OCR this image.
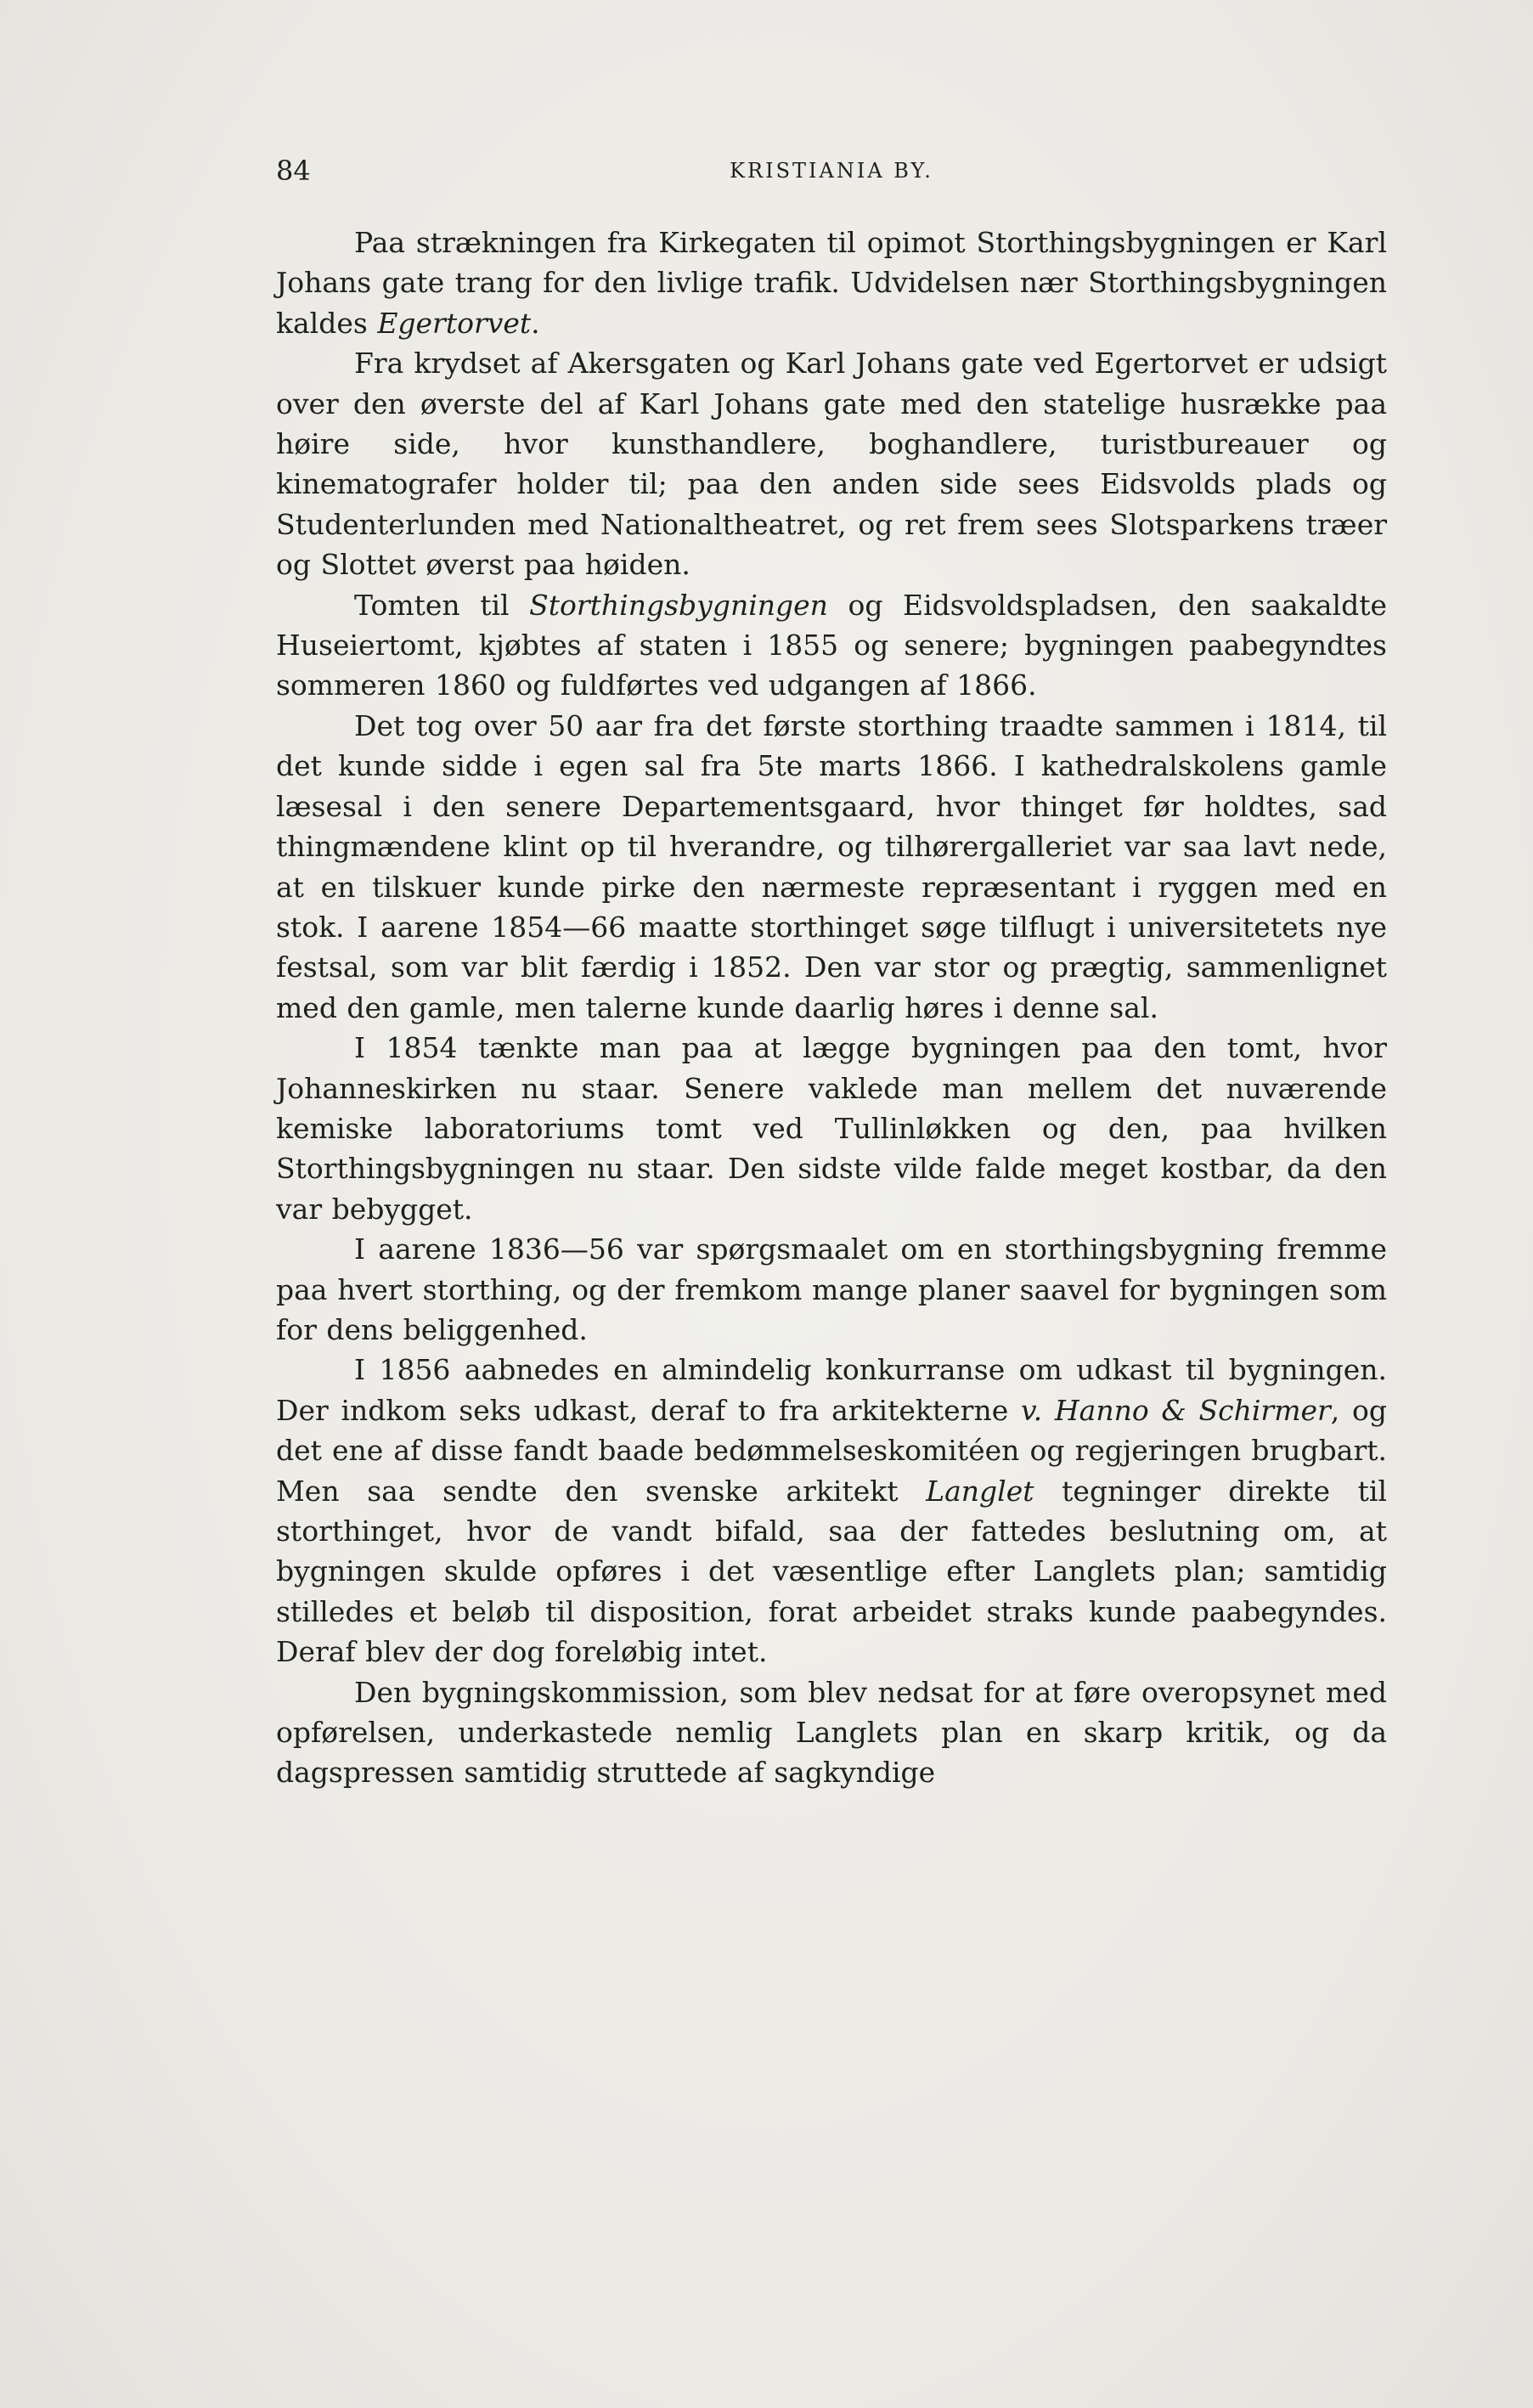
84	KRISTIANIA BY.

Paa strækningen fra Kirkegaten til opimot Storthingsbygningen er Karl Johans gate trang for den livlige trafik. Udvidelsen nær Storthingsbygningen kaldes Egertorvet.

Fra krydset af Akersgaten og Karl Johans gate ved Egertorvet er udsigt over den øverste del af Karl Johans gate med den statelige husrække paa høire side, hvor kunsthandlere, boghandlere, turistbureauer og kinematografer holder til; paa den anden side sees Eidsvolds plads og Studenterlunden med Nationaltheatret, og ret frem sees Slotsparkens træer og Slottet øverst paa høiden.

Tomten til Storthingsbygningen og Eidsvoldspladsen, den saakaldte Huseiertomt, kjøbtes af staten i 1855 og senere; bygningen paabegyndtes sommeren 1860 og fuldførtes ved udgangen af 1866.

Det tog over 50 aar fra det første storthing traadte sammen i 1814, til det kunde sidde i egen sal fra 5te marts 1866. I kathedralskolens gamle læsesal i den senere Departementsgaard, hvor thinget før holdtes, sad thingmændene klint op til hverandre, og tilhørergalleriet var saa lavt nede, at en tilskuer kunde pirke den nærmeste repræsentant i ryggen med en stok. I aarene 1854—66 maatte storthinget søge tilflugt i universitetets nye festsal, som var blit færdig i 1852. Den var stor og prægtig, sammenlignet med den gamle, men talerne kunde daarlig høres i denne sal.

I 1854 tænkte man paa at lægge bygningen paa den tomt, hvor Johanneskirken nu staar. Senere vaklede man mellem det nuværende kemiske laboratoriums tomt ved Tullinløkken og den, paa hvilken Storthingsbygningen nu staar. Den sidste vilde falde meget kostbar, da den var bebygget.

I aarene 1836—56 var spørgsmaalet om en storthingsbygning fremme paa hvert storthing, og der fremkom mange planer saavel for bygningen som for dens beliggenhed.

I 1856 aabnedes en almindelig konkurranse om udkast til bygningen. Der indkom seks udkast, deraf to fra arkitekterne v. Hanno & Schirmer, og det ene af disse fandt baade bedømmelseskomitéen og regjeringen brugbart. Men saa sendte den svenske arkitekt Langlet tegninger direkte til storthinget, hvor de vandt bifald, saa der fattedes beslutning om, at bygningen skulde opføres i det væsentlige efter Langlets plan; samtidig stilledes et beløb til disposition, forat arbeidet straks kunde paabegyndes. Deraf blev der dog foreløbig intet.

Den bygningskommission, som blev nedsat for at føre overopsynet med opførelsen, underkastede nemlig Langlets plan en skarp kritik, og da dagspressen samtidig struttede af sagkyndige
